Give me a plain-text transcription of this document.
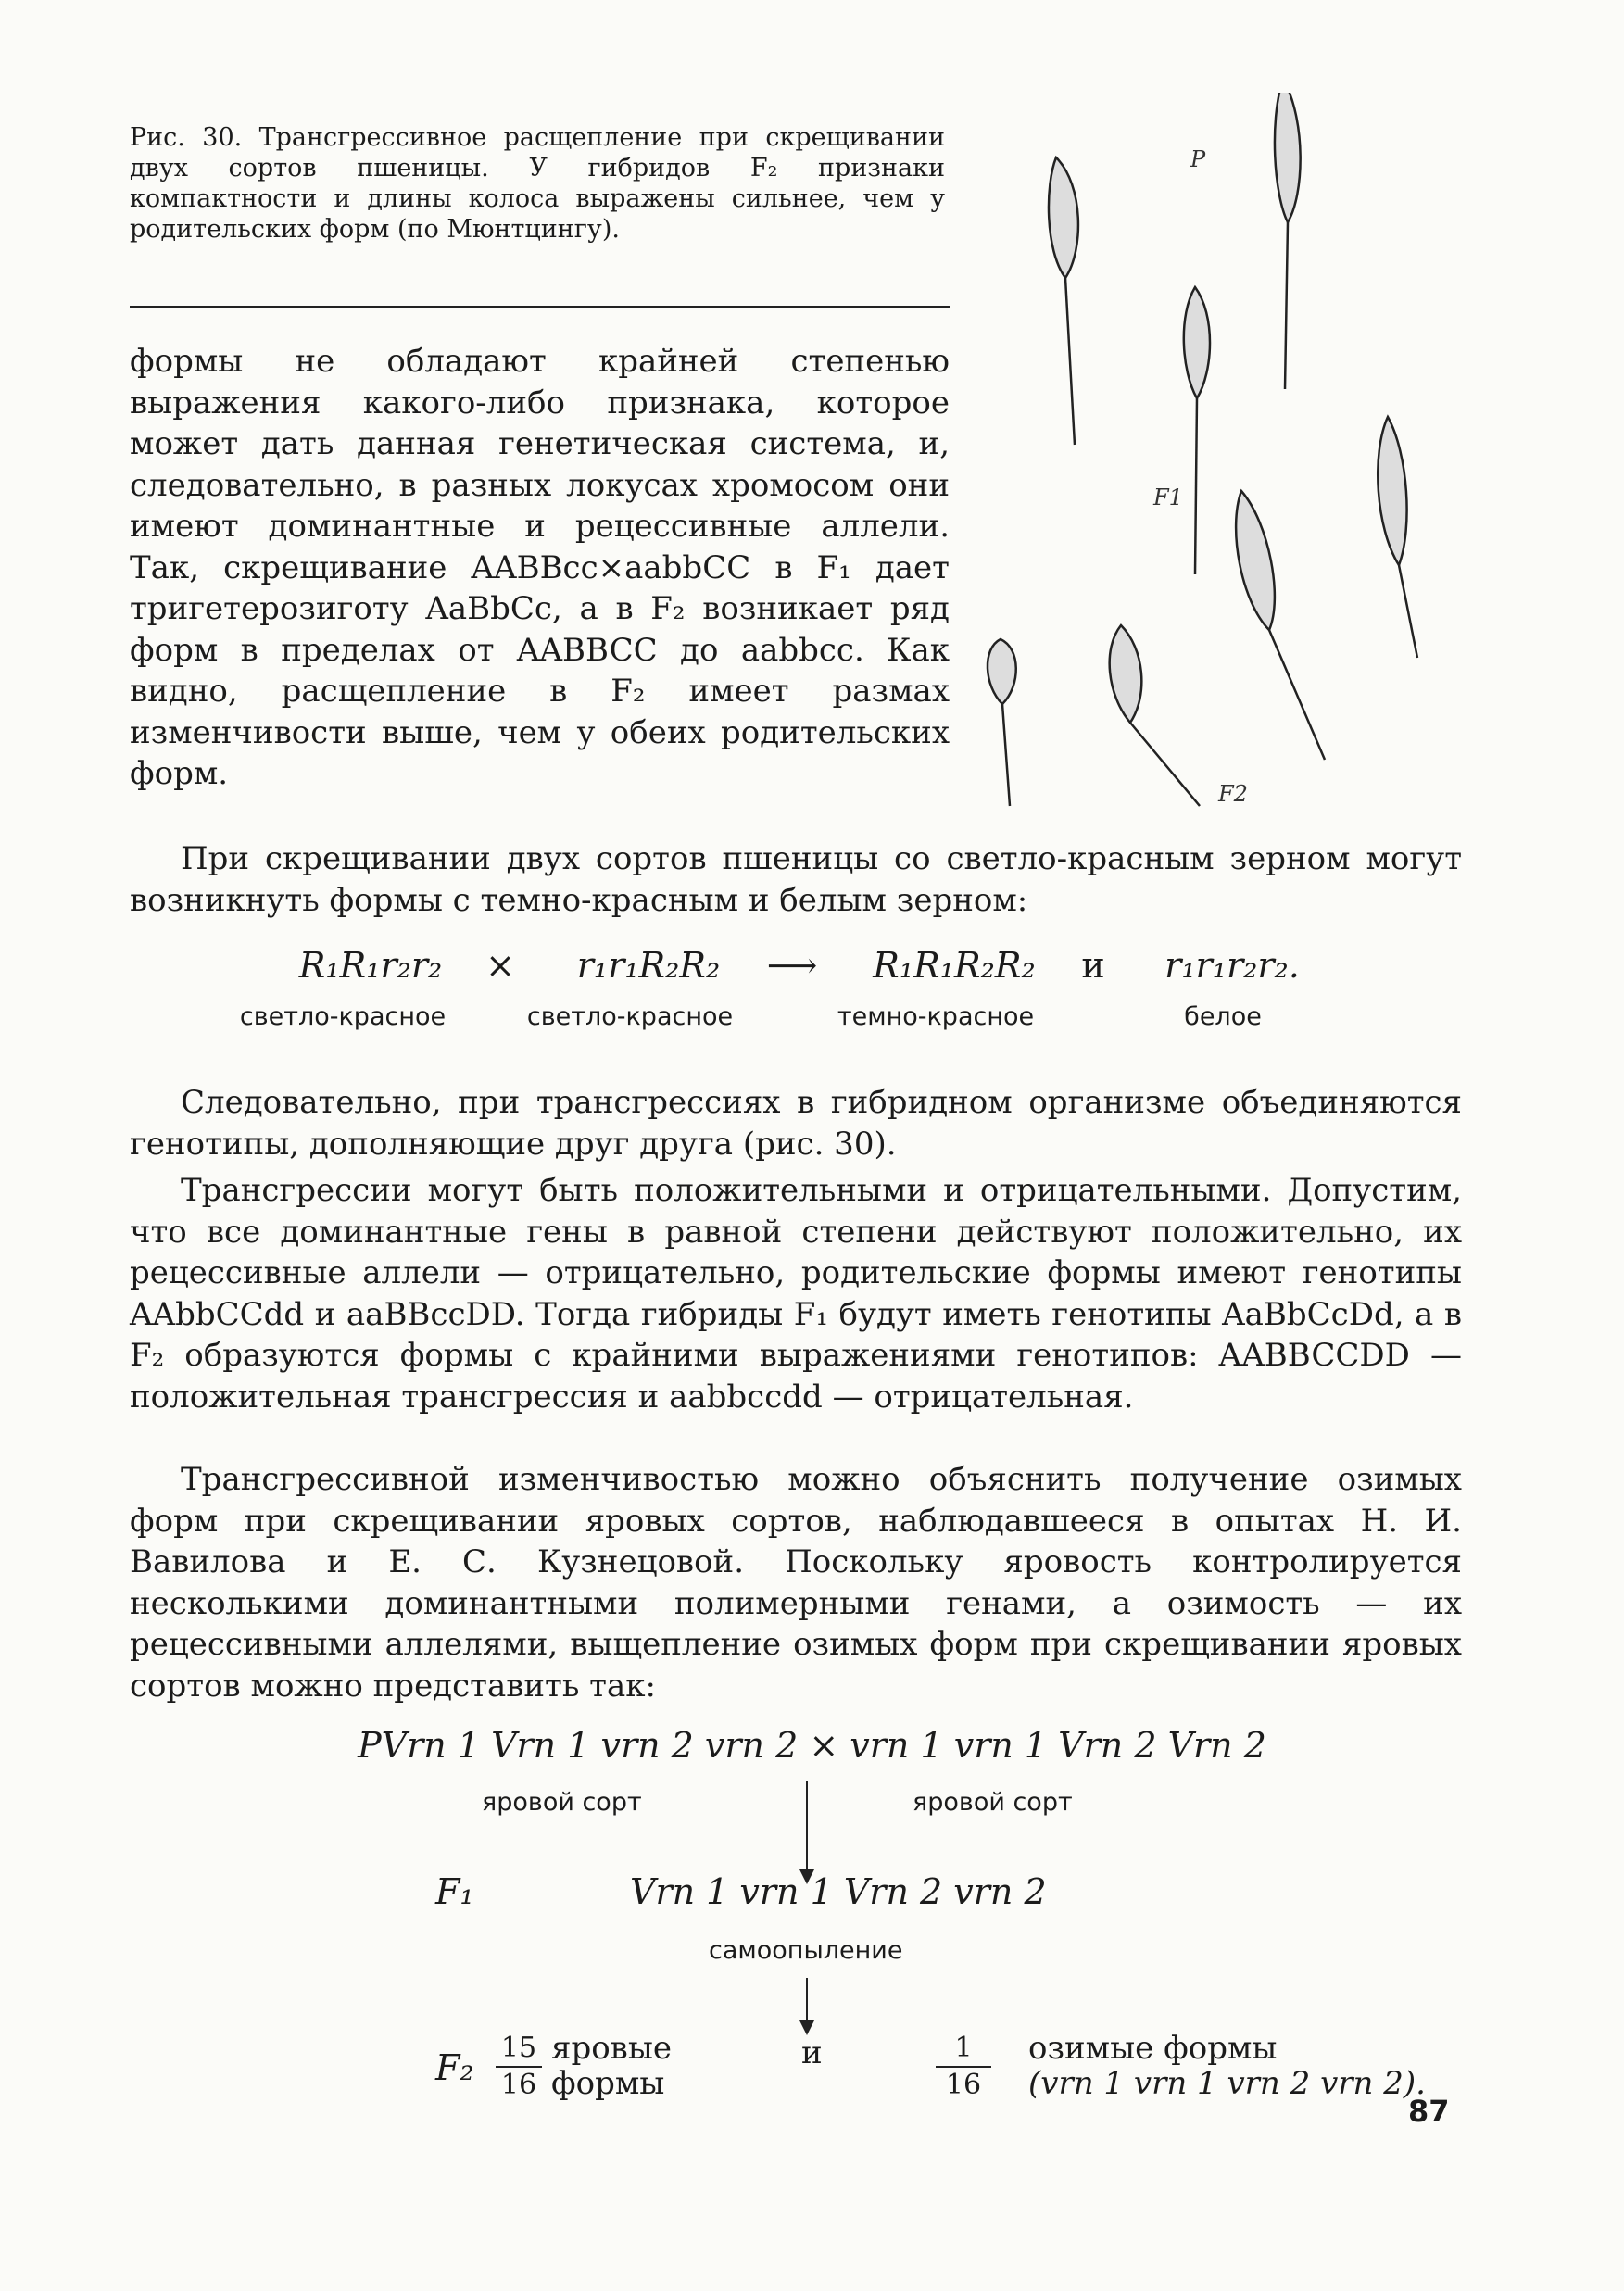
Рис. 30. Трансгрессивное расщепление при скрещивании двух сортов пшеницы. У гибридов F₂ признаки компактности и длины колоса выражены сильнее, чем у родительских форм (по Мюнтцингу).
P
F1
F2
формы не обладают крайней степенью выражения какого-либо признака, которое может дать данная генетическая система, и, следовательно, в разных локусах хромосом они имеют доминантные и рецессивные аллели. Так, скрещивание AABBcc×aabbCC в F₁ дает тригетерозиготу AaBbCc, а в F₂ возникает ряд форм в пределах от AABBCC до aabbcc. Как видно, расщепление в F₂ имеет размах изменчивости выше, чем у обеих родительских форм.
При скрещивании двух сортов пшеницы со светло-красным зерном могут возникнуть формы с темно-красным и белым зерном:
R₁R₁r₂r₂	×	r₁r₁R₂R₂	⟶	R₁R₁R₂R₂	и	r₁r₁r₂r₂.
светло-красное	светло-красное	темно-красное	белое
Следовательно, при трансгрессиях в гибридном организме объединяются генотипы, дополняющие друг друга (рис. 30).
Трансгрессии могут быть положительными и отрицательными. Допустим, что все доминантные гены в равной степени действуют положительно, их рецессивные аллели — отрицательно, родительские формы имеют генотипы AAbbCCdd и aaBBccDD. Тогда гибриды F₁ будут иметь генотипы AaBbCcDd, а в F₂ образуются формы с крайними выражениями генотипов: AABBCCDD — положительная трансгрессия и aabbccdd — отрицательная.
Трансгрессивной изменчивостью можно объяснить получение озимых форм при скрещивании яровых сортов, наблюдавшееся в опытах Н. И. Вавилова и Е. С. Кузнецовой. Поскольку яровость контролируется несколькими доминантными полимерными генами, а озимость — их рецессивными аллелями, выщепление озимых форм при скрещивании яровых сортов можно представить так:
PVrn 1 Vrn 1 vrn 2 vrn 2 × vrn 1 vrn 1 Vrn 2 Vrn 2
яровой сорт	яровой сорт
F₁	Vrn 1 vrn 1 Vrn 2 vrn 2
самоопыление
$F_2 \frac{15}{16}$ яровые
формы
и	$\frac{1}{16}$ озимые формы
(vrn 1 vrn 1 vrn 2 vrn 2).
87
